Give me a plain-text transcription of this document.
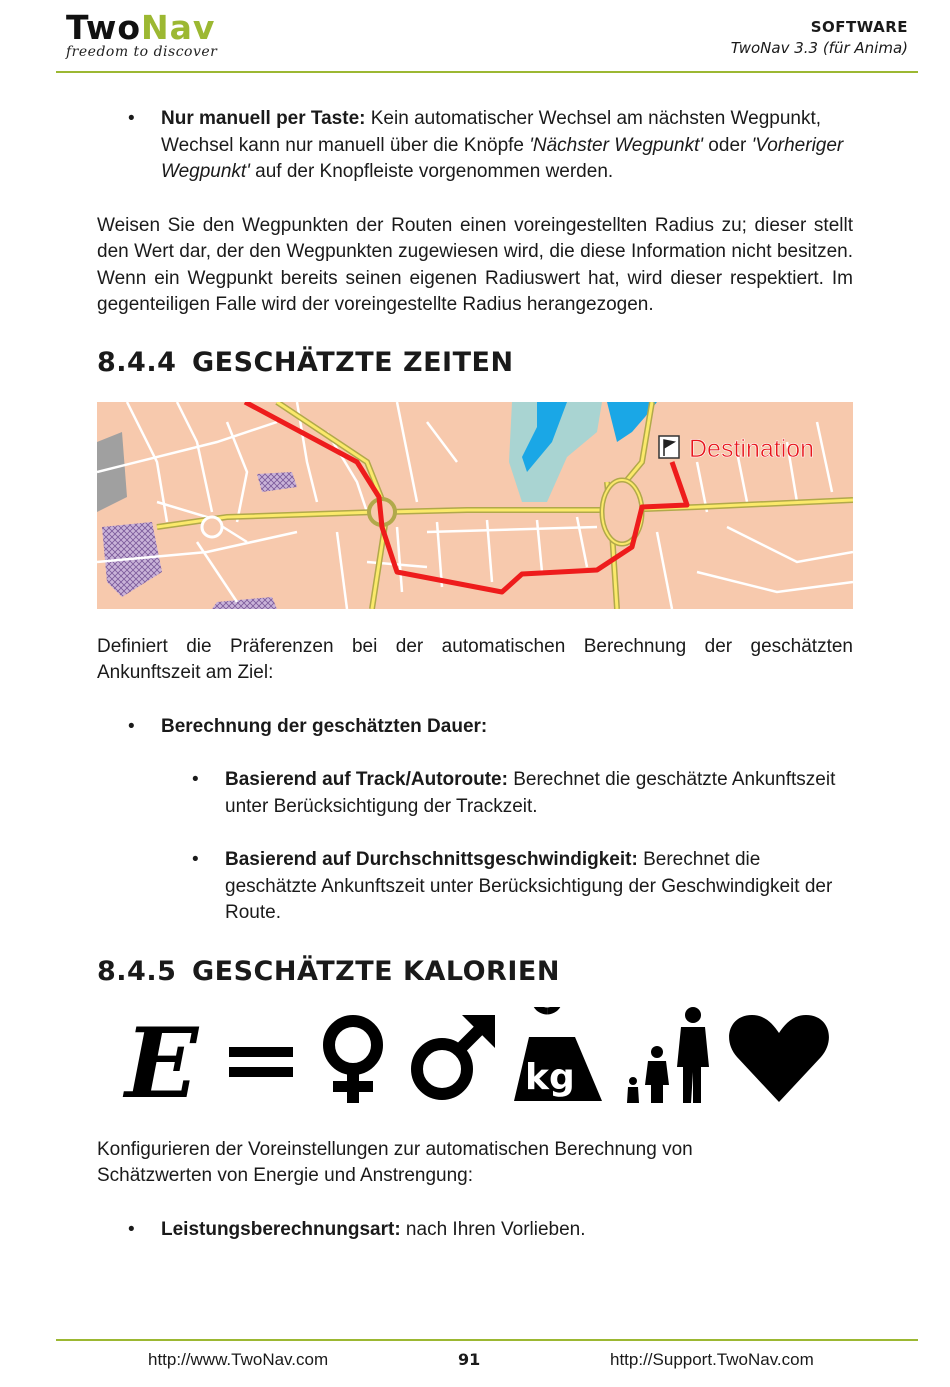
TwoNav
freedom to discover
SOFTWARE
TwoNav 3.3 (für Anima)
• Nur manuell per Taste: Kein automatischer Wechsel am nächsten Wegpunkt, Wechsel kann nur manuell über die Knöpfe 'Nächster Wegpunkt' oder 'Vorheriger Wegpunkt' auf der Knopfleiste vorgenommen werden.

Weisen Sie den Wegpunkten der Routen einen voreingestellten Radius zu; dieser stellt den Wert dar, der den Wegpunkten zugewiesen wird, die diese Information nicht besitzen. Wenn ein Wegpunkt bereits seinen eigenen Radiuswert hat, wird dieser respektiert. Im gegenteiligen Falle wird der voreingestellte Radius herangezogen.

8.4.4 GESCHÄTZTE ZEITEN
Destination

Definiert die Präferenzen bei der automatischen Berechnung der geschätzten Ankunftszeit am Ziel:

• Berechnung der geschätzten Dauer:
• Basierend auf Track/Autoroute: Berechnet die geschätzte Ankunftszeit unter Berücksichtigung der Trackzeit.
• Basierend auf Durchschnittsgeschwindigkeit: Berechnet die geschätzte Ankunftszeit unter Berücksichtigung der Geschwindigkeit der Route.
8.4.5 GESCHÄTZTE KALORIEN
E	kg

Konfigurieren der Voreinstellungen zur automatischen Berechnung von Schätzwerten von Energie und Anstrengung:

• Leistungsberechnungsart: nach Ihren Vorlieben.
http://www.TwoNav.com	91	http://Support.TwoNav.com
